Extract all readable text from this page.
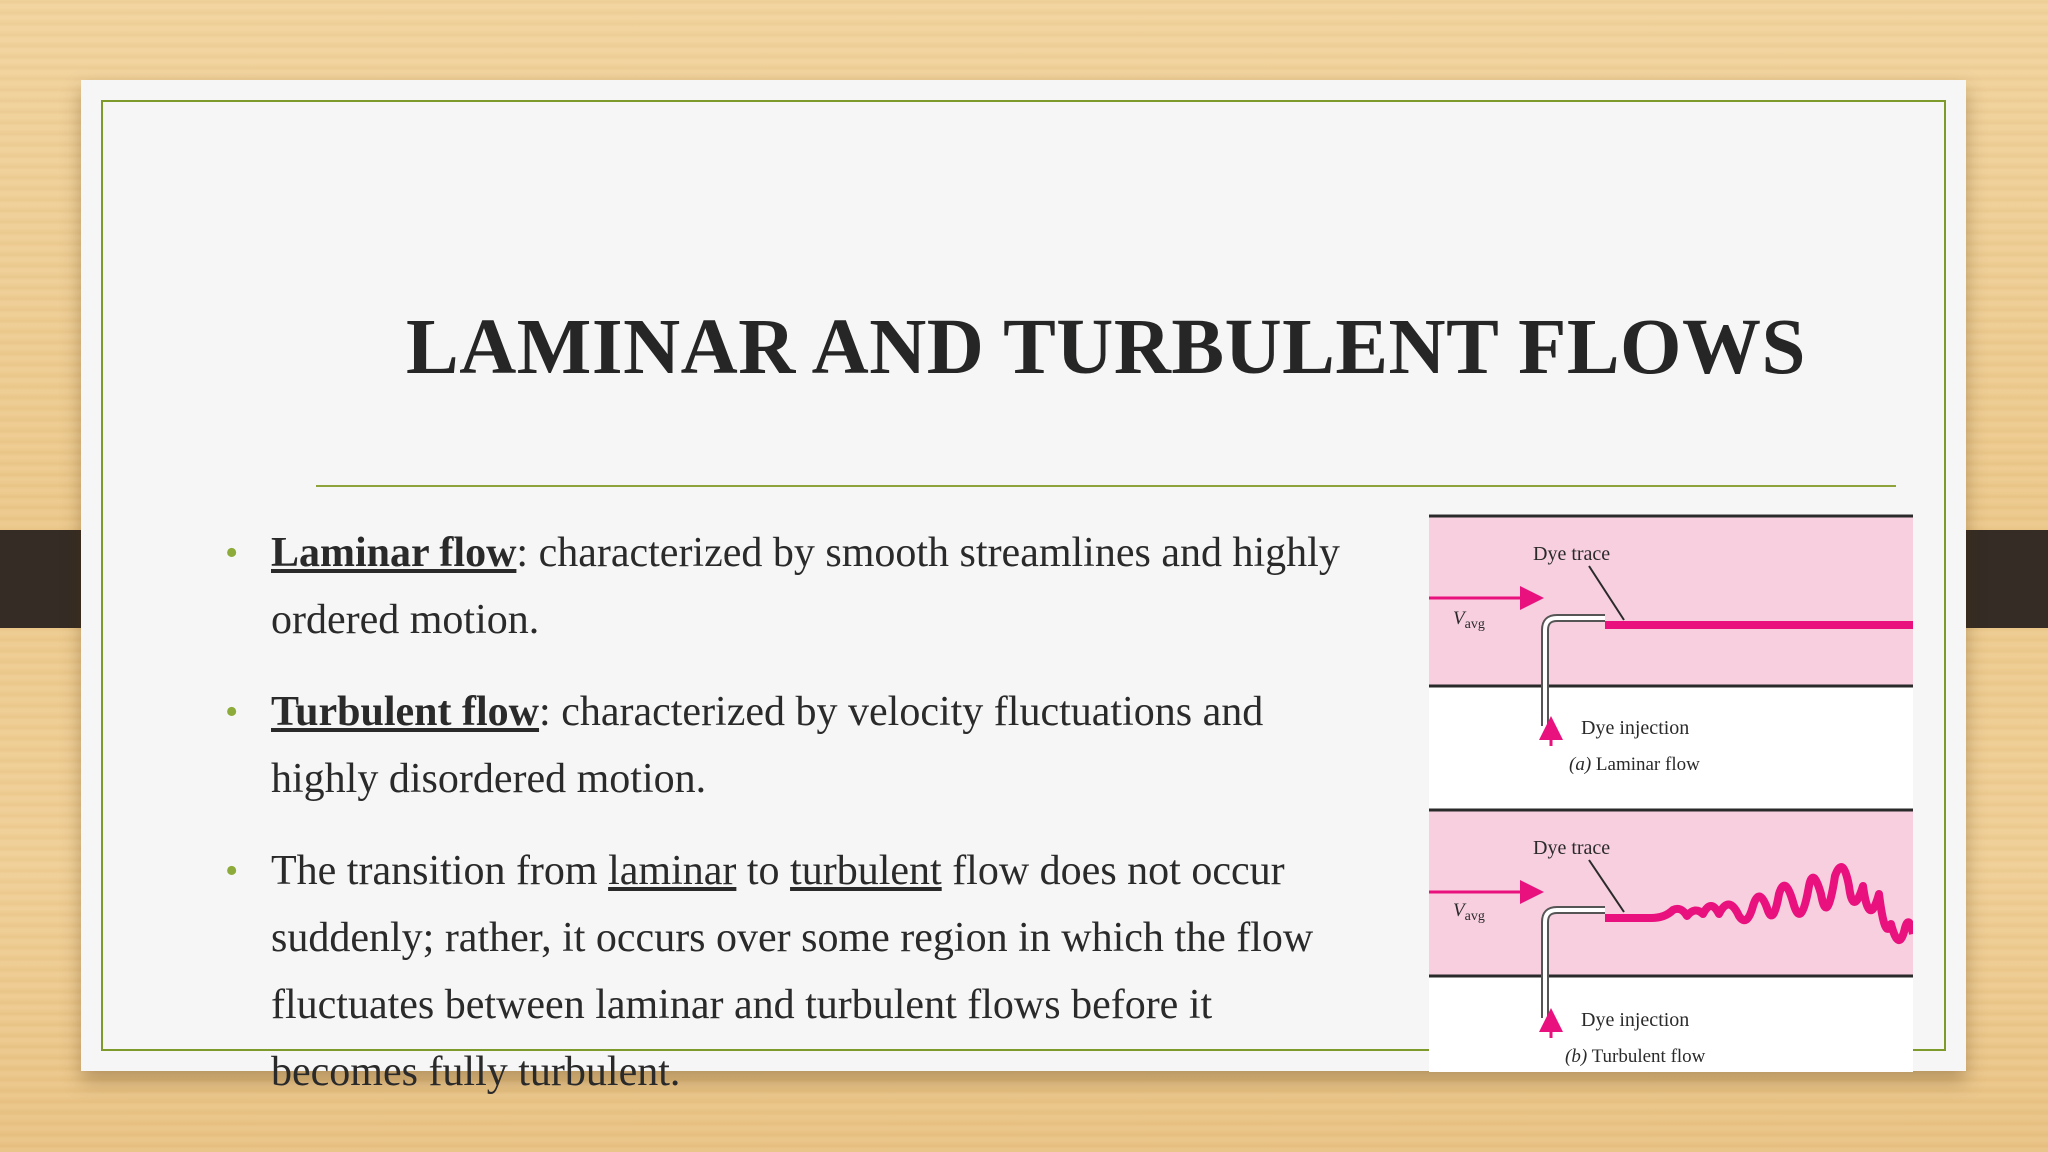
LAMINAR AND TURBULENT FLOWS
• Laminar flow: characterized by smooth streamlines and highly ordered motion.
• Turbulent flow: characterized by velocity fluctuations and highly disordered motion.
• The transition from laminar to turbulent flow does not occur suddenly; rather, it occurs over some region in which the flow fluctuates between laminar and turbulent flows before it becomes fully turbulent.
$V_{avg}$
Dye trace
Dye injection
(a) Laminar flow
$V_{avg}$
Dye trace
Dye injection
(b) Turbulent flow
